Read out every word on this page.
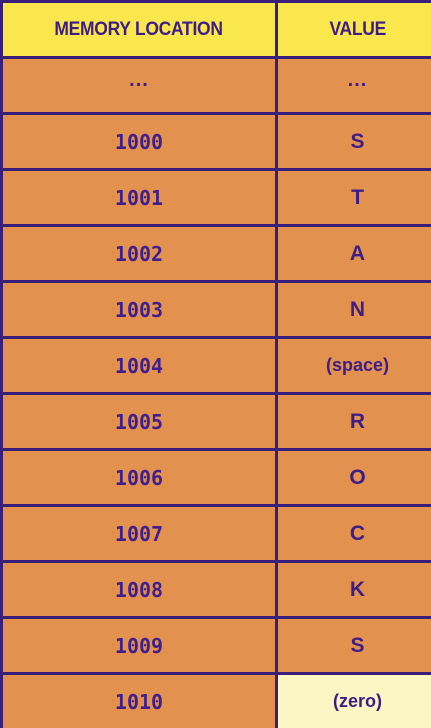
MEMORY LOCATION	VALUE
...	...
1000	S
1001	T
1002	A
1003	N
1004	(space)
1005	R
1006	O
1007	C
1008	K
1009	S
1010	(zero)
